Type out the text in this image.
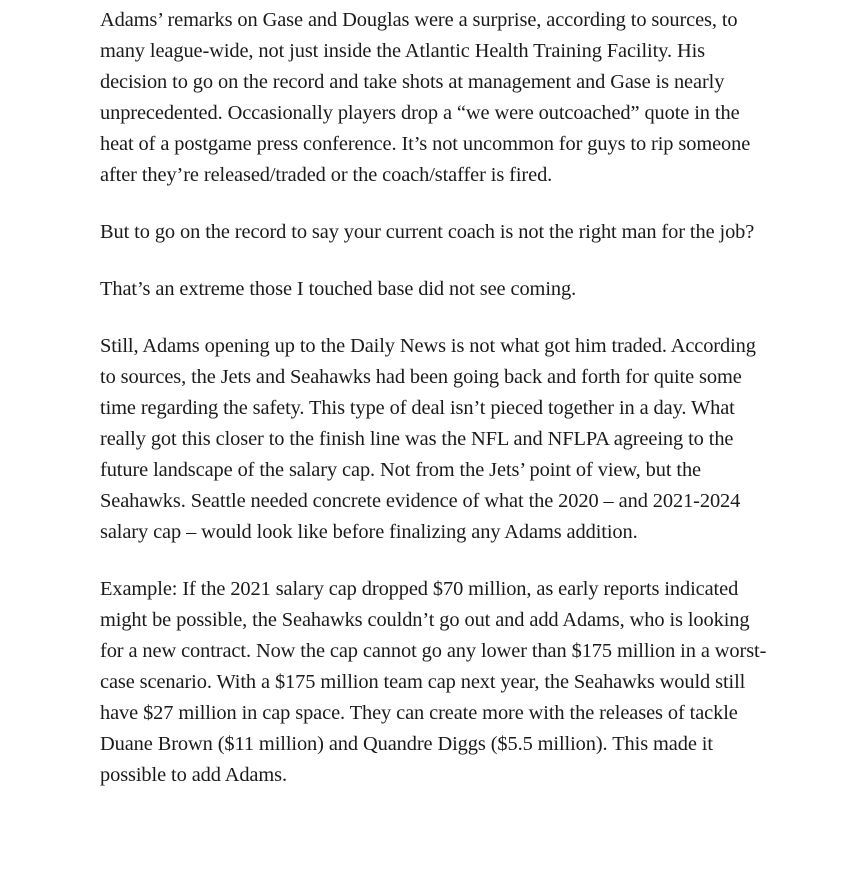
Adams’ remarks on Gase and Douglas were a surprise, according to sources, to many league-wide, not just inside the Atlantic Health Training Facility. His decision to go on the record and take shots at management and Gase is nearly unprecedented. Occasionally players drop a “we were outcoached” quote in the heat of a postgame press conference. It’s not uncommon for guys to rip someone after they’re released/traded or the coach/staffer is fired.

But to go on the record to say your current coach is not the right man for the job?

That’s an extreme those I touched base did not see coming.

Still, Adams opening up to the Daily News is not what got him traded. According to sources, the Jets and Seahawks had been going back and forth for quite some time regarding the safety. This type of deal isn’t pieced together in a day. What really got this closer to the finish line was the NFL and NFLPA agreeing to the future landscape of the salary cap. Not from the Jets’ point of view, but the Seahawks. Seattle needed concrete evidence of what the 2020 – and 2021-2024 salary cap – would look like before finalizing any Adams addition.

Example: If the 2021 salary cap dropped $70 million, as early reports indicated might be possible, the Seahawks couldn’t go out and add Adams, who is looking for a new contract. Now the cap cannot go any lower than $175 million in a worst-case scenario. With a $175 million team cap next year, the Seahawks would still have $27 million in cap space. They can create more with the releases of tackle Duane Brown ($11 million) and Quandre Diggs ($5.5 million). This made it possible to add Adams.
